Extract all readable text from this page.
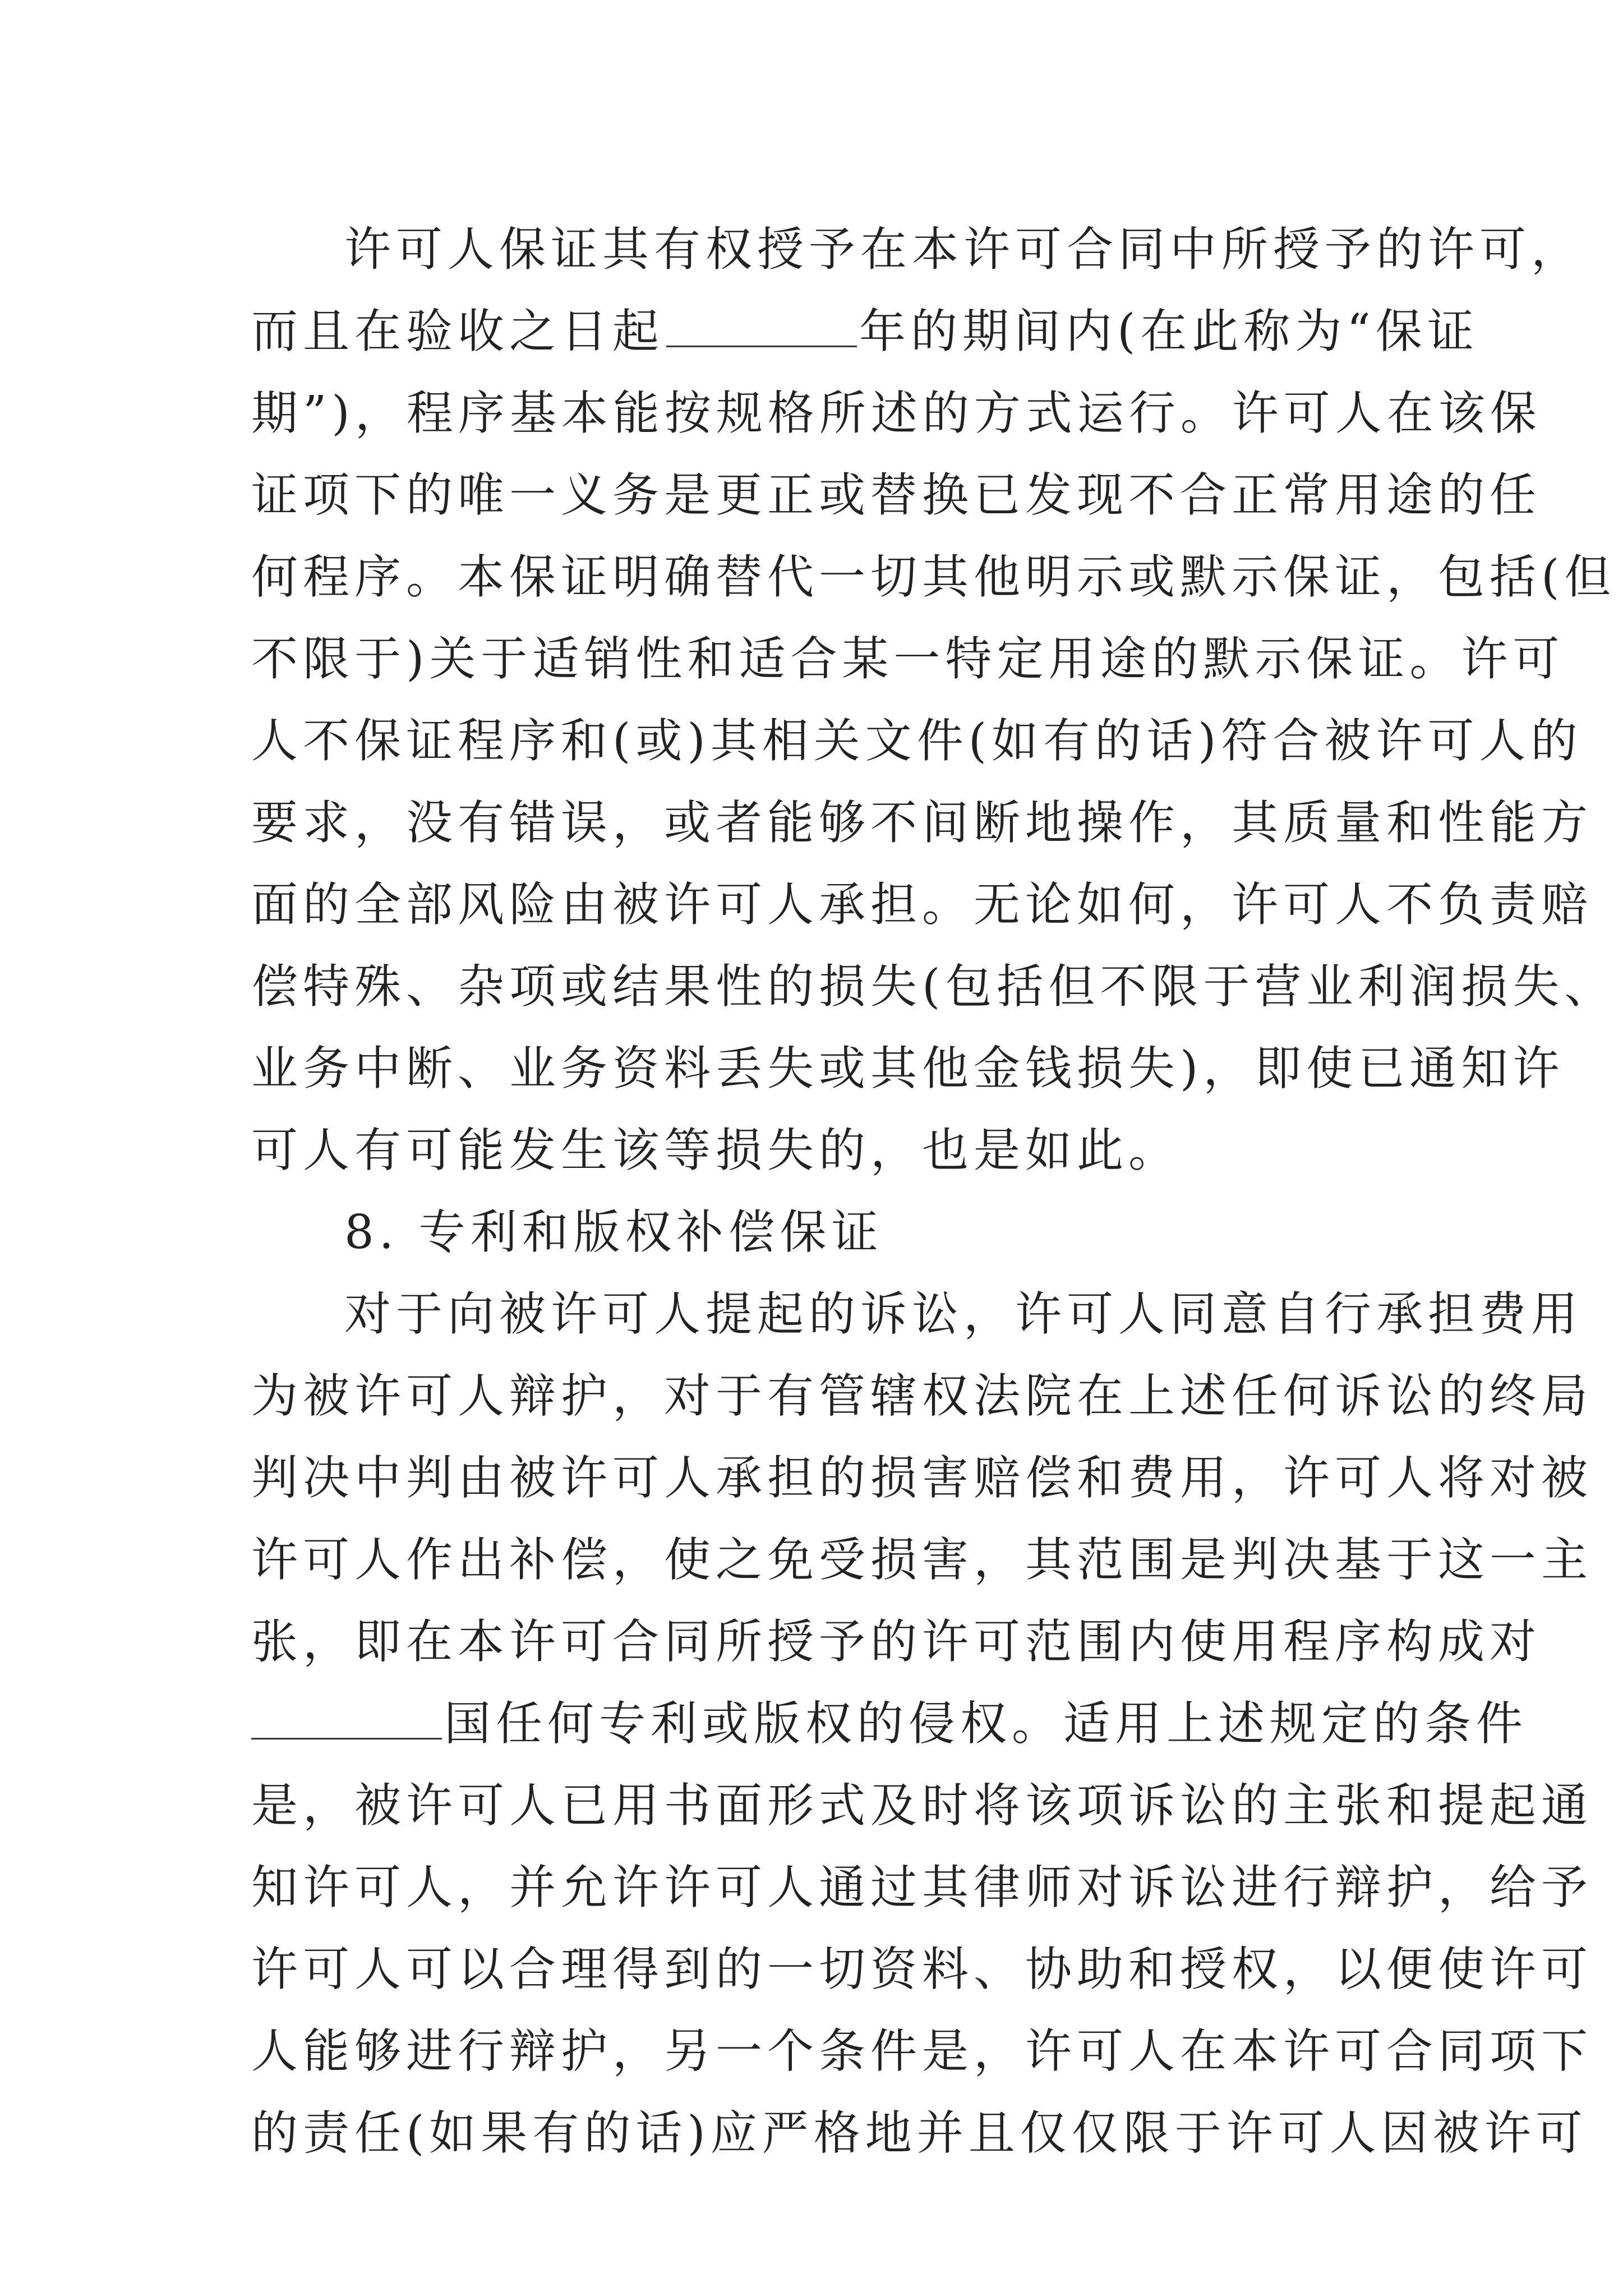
许可人保证其有权授予在本许可合同中所授予的许可，
而且在验收之日起	年的期间内(在此称为“保证
期”)，程序基本能按规格所述的方式运行。许可人在该保
证项下的唯一义务是更正或替换已发现不合正常用途的任
何程序。本保证明确替代一切其他明示或默示保证，包括(但
不限于)关于适销性和适合某一特定用途的默示保证。许可
人不保证程序和(或)其相关文件(如有的话)符合被许可人的
要求，没有错误，或者能够不间断地操作，其质量和性能方
面的全部风险由被许可人承担。无论如何，许可人不负责赔
偿特殊、杂项或结果性的损失(包括但不限于营业利润损失、
业务中断、业务资料丢失或其他金钱损失)，即使已通知许
可人有可能发生该等损失的，也是如此。
8. 专利和版权补偿保证
对于向被许可人提起的诉讼，许可人同意自行承担费用
为被许可人辩护，对于有管辖权法院在上述任何诉讼的终局
判决中判由被许可人承担的损害赔偿和费用，许可人将对被
许可人作出补偿，使之免受损害，其范围是判决基于这一主
张，即在本许可合同所授予的许可范围内使用程序构成对
国任何专利或版权的侵权。适用上述规定的条件
是，被许可人已用书面形式及时将该项诉讼的主张和提起通
知许可人，并允许许可人通过其律师对诉讼进行辩护，给予
许可人可以合理得到的一切资料、协助和授权，以便使许可
人能够进行辩护，另一个条件是，许可人在本许可合同项下
的责任(如果有的话)应严格地并且仅仅限于许可人因被许可
